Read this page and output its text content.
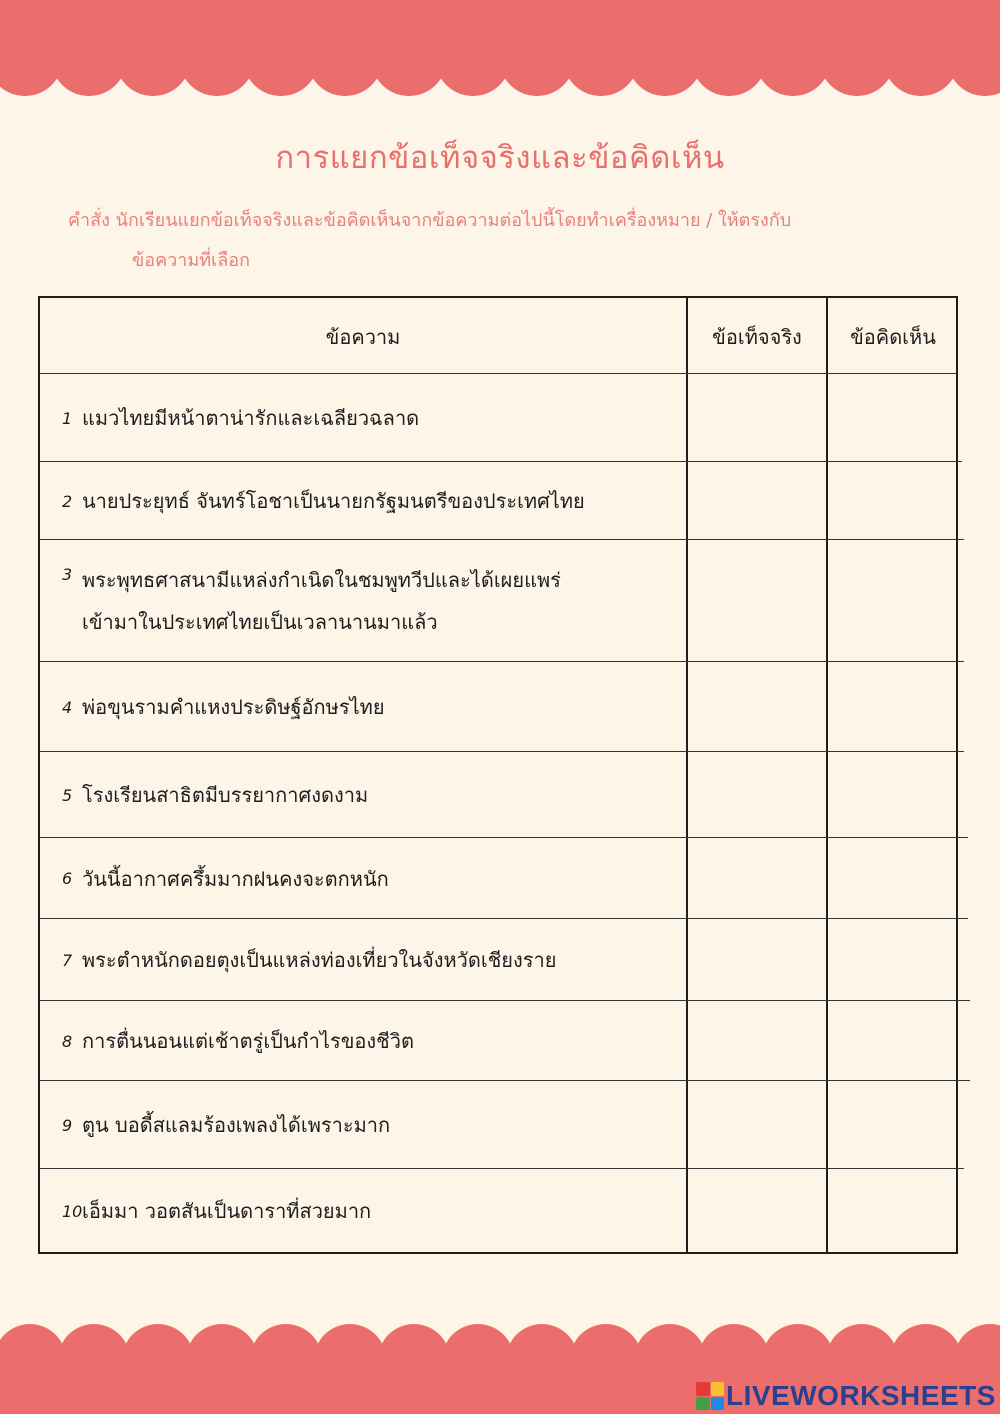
การแยกข้อเท็จจริงและข้อคิดเห็น
คำสั่ง นักเรียนแยกข้อเท็จจริงและข้อคิดเห็นจากข้อความต่อไปนี้โดยทำเครื่องหมาย / ให้ตรงกับ
ข้อความที่เลือก
ข้อความ	ข้อเท็จจริง	ข้อคิดเห็น
1 แมวไทยมีหน้าตาน่ารักและเฉลียวฉลาด
2 นายประยุทธ์ จันทร์โอชาเป็นนายกรัฐมนตรีของประเทศไทย
3 พระพุทธศาสนามีแหล่งกำเนิดในชมพูทวีปและได้เผยแพร่
เข้ามาในประเทศไทยเป็นเวลานานมาแล้ว
4 พ่อขุนรามคำแหงประดิษฐ์อักษรไทย
5 โรงเรียนสาธิตมีบรรยากาศงดงาม
6 วันนี้อากาศครึ้มมากฝนคงจะตกหนัก
7 พระตำหนักดอยตุงเป็นแหล่งท่องเที่ยวในจังหวัดเชียงราย
8 การตื่นนอนแต่เช้าตรู่เป็นกำไรของชีวิต
9 ตูน บอดี้สแลมร้องเพลงได้เพราะมาก
10 เอ็มมา วอตสันเป็นดาราที่สวยมาก
LIVEWORKSHEETS
